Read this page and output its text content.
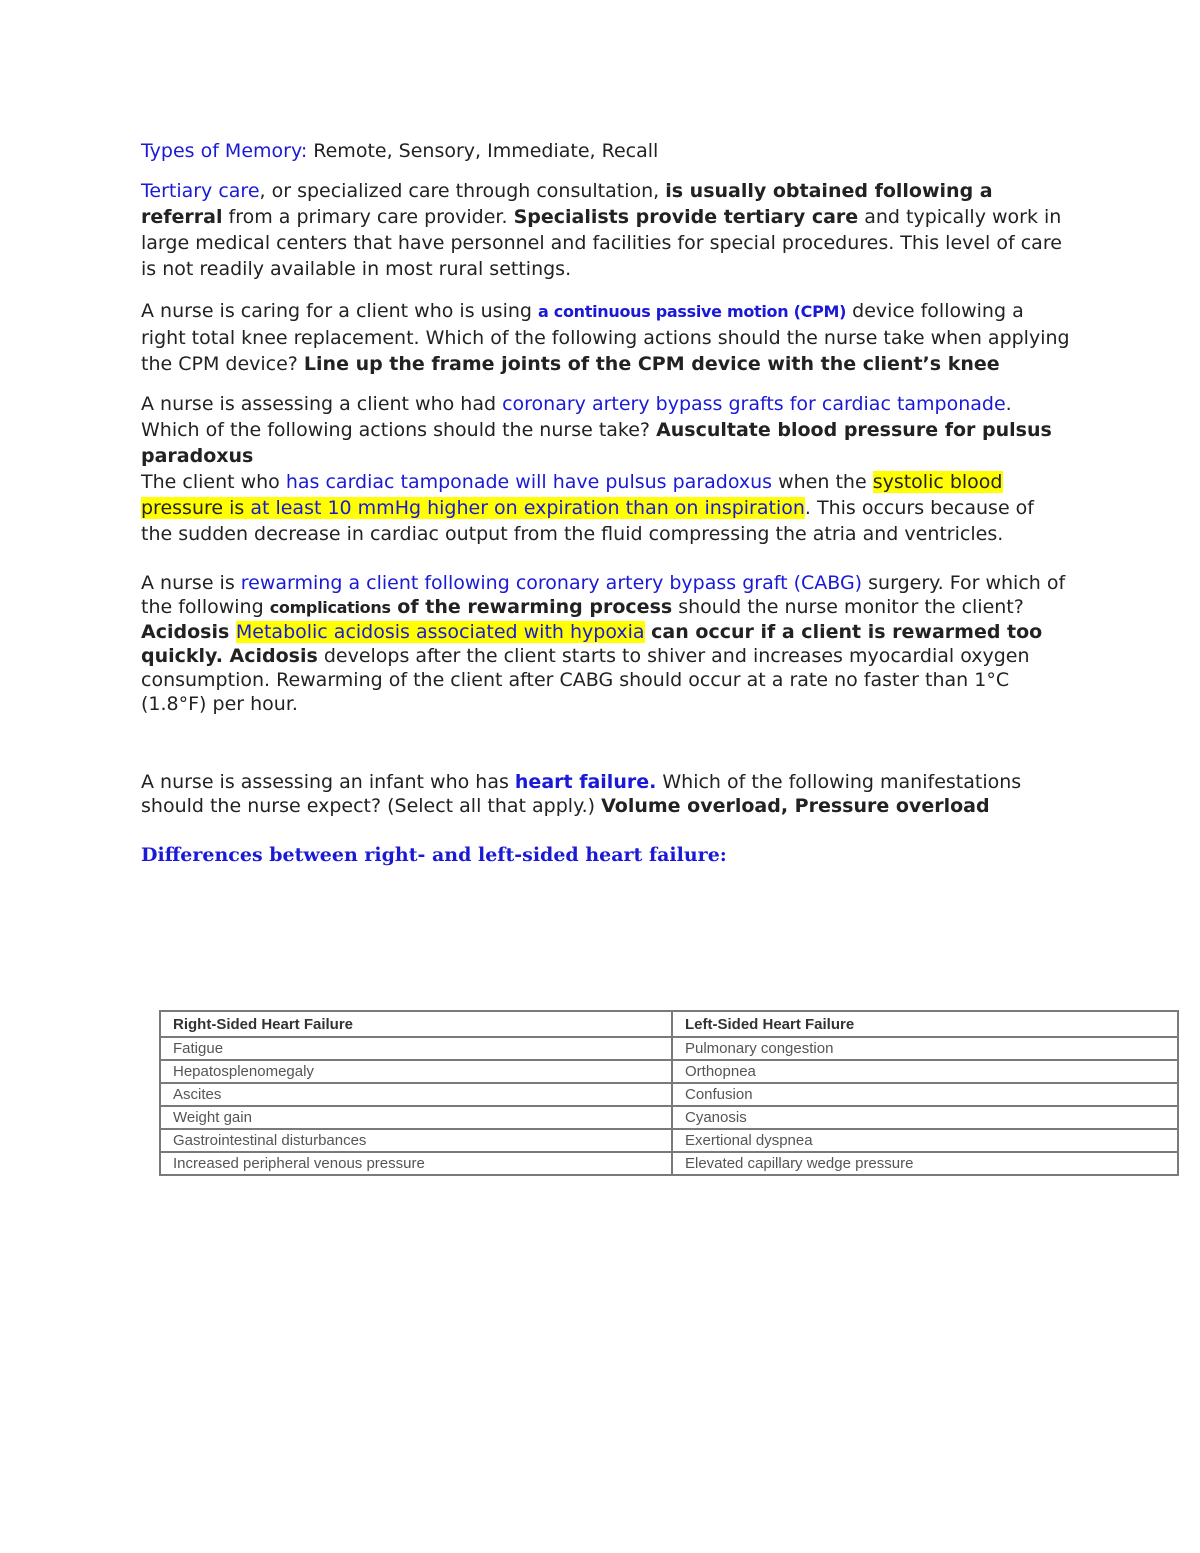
Types of Memory: Remote, Sensory, Immediate, Recall

Tertiary care, or specialized care through consultation, is usually obtained following a referral from a primary care provider. Specialists provide tertiary care and typically work in large medical centers that have personnel and facilities for special procedures. This level of care is not readily available in most rural settings.

A nurse is caring for a client who is using a continuous passive motion (CPM) device following a right total knee replacement. Which of the following actions should the nurse take when applying the CPM device? Line up the frame joints of the CPM device with the client’s knee

A nurse is assessing a client who had coronary artery bypass grafts for cardiac tamponade. Which of the following actions should the nurse take? Auscultate blood pressure for pulsus paradoxus

The client who has cardiac tamponade will have pulsus paradoxus when the systolic blood pressure is at least 10 mmHg higher on expiration than on inspiration. This occurs because of the sudden decrease in cardiac output from the fluid compressing the atria and ventricles.

A nurse is rewarming a client following coronary artery bypass graft (CABG) surgery. For which of the following complications of the rewarming process should the nurse monitor the client?

Acidosis Metabolic acidosis associated with hypoxia can occur if a client is rewarmed too quickly. Acidosis develops after the client starts to shiver and increases myocardial oxygen consumption. Rewarming of the client after CABG should occur at a rate no faster than 1°C (1.8°F) per hour.

A nurse is assessing an infant who has heart failure. Which of the following manifestations should the nurse expect? (Select all that apply.) Volume overload, Pressure overload

Differences between right- and left-sided heart failure:

Right-Sided Heart Failure	Left-Sided Heart Failure
Fatigue	Pulmonary congestion
Hepatosplenomegaly	Orthopnea
Ascites	Confusion
Weight gain	Cyanosis
Gastrointestinal disturbances	Exertional dyspnea
Increased peripheral venous pressure	Elevated capillary wedge pressure
